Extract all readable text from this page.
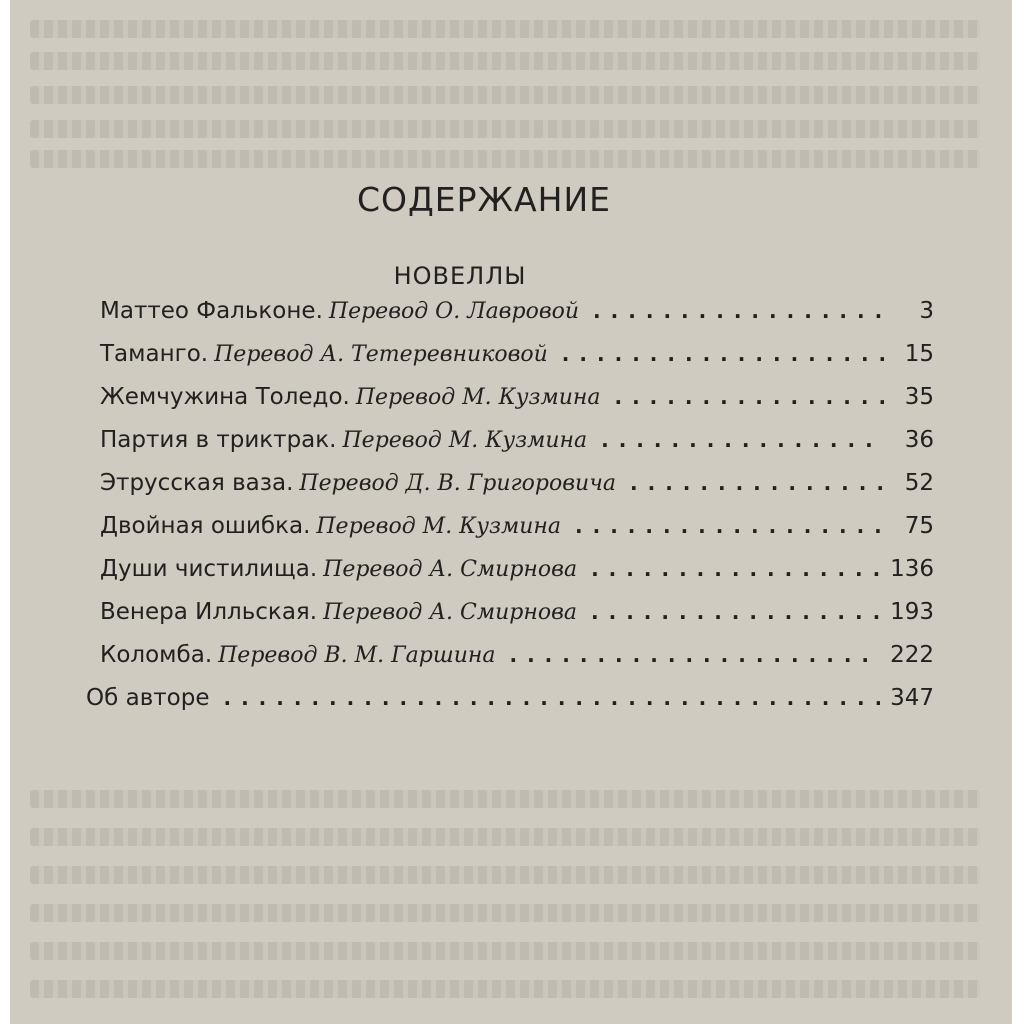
СОДЕРЖАНИЕ
НОВЕЛЛЫ
Маттео Фальконе . Перевод О. Лавровой .....	3
Таманго . Перевод А. Тетеревниковой .....	15
Жемчужина Толедо . Перевод М. Кузмина .....	35
Партия в триктрак . Перевод М. Кузмина .....	36
Этрусская ваза . Перевод Д. В. Григоровича .....	52
Двойная ошибка . Перевод М. Кузмина .....	75
Души чистилища . Перевод А. Смирнова .....	136
Венера Илльская . Перевод А. Смирнова .....	193
Коломба . Перевод В. М. Гаршина .....	222
Об авторе .....	347
